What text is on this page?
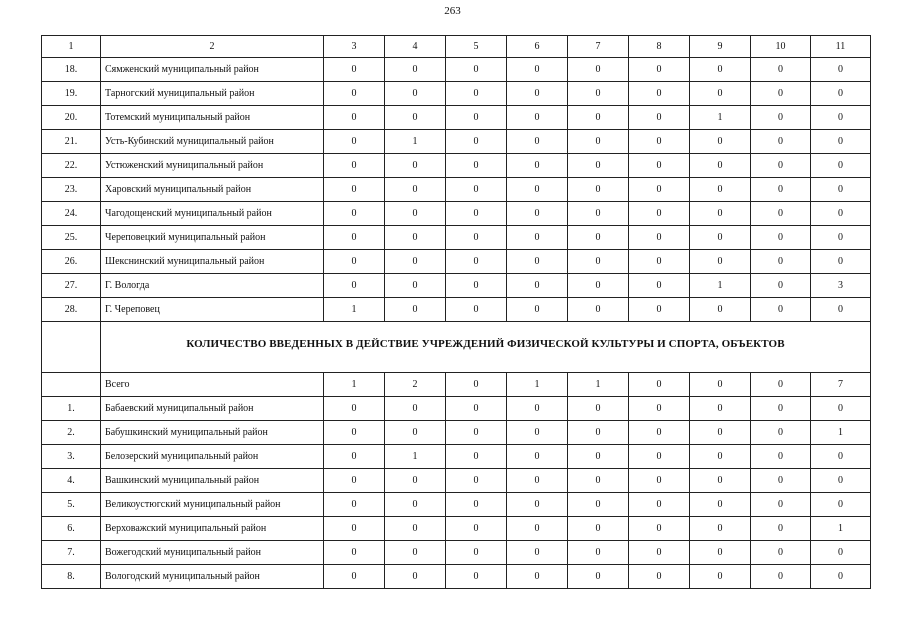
263
1	2	3	4	5	6	7	8	9	10	11
18.	Сямженский муниципальный район	0	0	0	0	0	0	0	0	0
19.	Тарногский муниципальный район	0	0	0	0	0	0	0	0	0
20.	Тотемский муниципальный район	0	0	0	0	0	0	1	0	0
21.	Усть-Кубинский муниципальный район	0	1	0	0	0	0	0	0	0
22.	Устюженский муниципальный район	0	0	0	0	0	0	0	0	0
23.	Харовский муниципальный район	0	0	0	0	0	0	0	0	0
24.	Чагодощенский муниципальный район	0	0	0	0	0	0	0	0	0
25.	Череповецкий муниципальный район	0	0	0	0	0	0	0	0	0
26.	Шекснинский муниципальный район	0	0	0	0	0	0	0	0	0
27.	Г. Вологда	0	0	0	0	0	0	1	0	3
28.	Г. Череповец	1	0	0	0	0	0	0	0	0
	КОЛИЧЕСТВО ВВЕДЕННЫХ В ДЕЙСТВИЕ УЧРЕЖДЕНИЙ ФИЗИЧЕСКОЙ КУЛЬТУРЫ И СПОРТА, ОБЪЕКТОВ									
	Всего	1	2	0	1	1	0	0	0	7
1.	Бабаевский муниципальный район	0	0	0	0	0	0	0	0	0
2.	Бабушкинский муниципальный район	0	0	0	0	0	0	0	0	1
3.	Белозерский муниципальный район	0	1	0	0	0	0	0	0	0
4.	Вашкинский муниципальный район	0	0	0	0	0	0	0	0	0
5.	Великоустюгский муниципальный район	0	0	0	0	0	0	0	0	0
6.	Верховажский муниципальный район	0	0	0	0	0	0	0	0	1
7.	Вожегодский муниципальный район	0	0	0	0	0	0	0	0	0
8.	Вологодский муниципальный район	0	0	0	0	0	0	0	0	0
